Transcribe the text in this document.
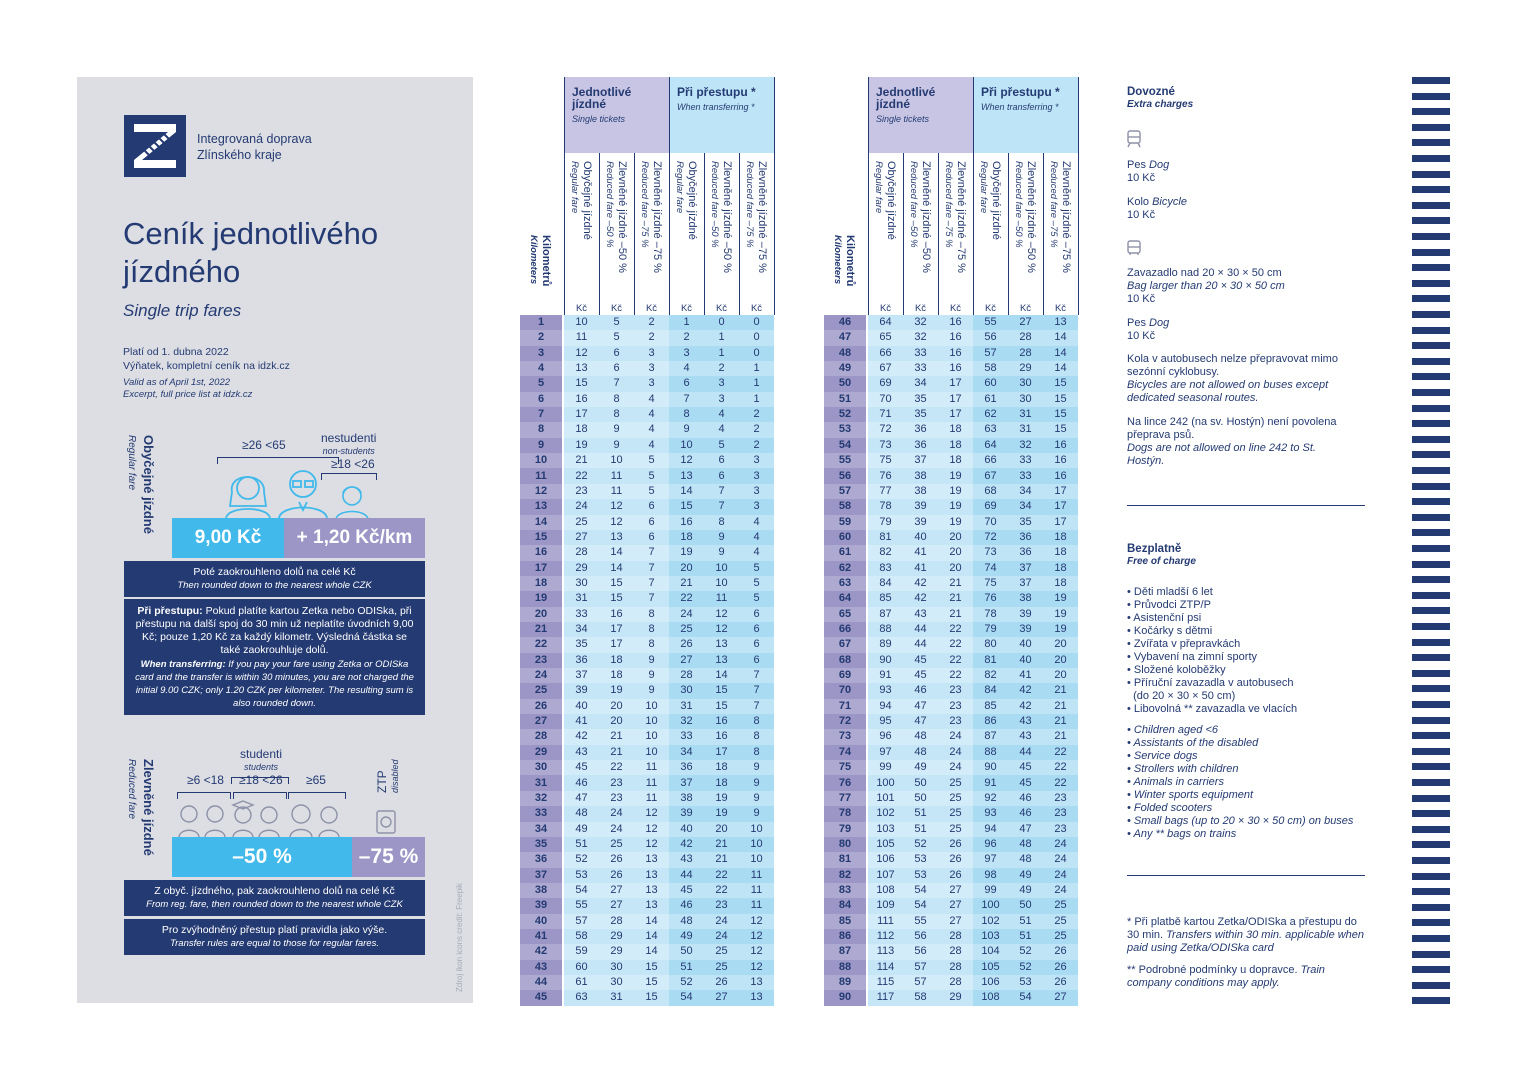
Integrovaná doprava
Zlínského kraje
Ceník jednotlivého
jízdného
Single trip fares
Platí od 1. dubna 2022
Výňatek, kompletní ceník na idzk.cz
Valid as of April 1st, 2022
Excerpt, full price list at idzk.cz
Obyčejné jízdné
Regular fare	≥26 <65	nestudenti
non-students
≥18 <26
9,00 Kč	+ 1,20 Kč/km
Poté zaokrouhleno dolů na celé Kč
Then rounded down to the nearest whole CZK
Při přestupu: Pokud platíte kartou Zetka nebo ODISka, při přestupu na další spoj do 30 min už neplatíte úvodních 9,00 Kč; pouze 1,20 Kč za každý kilometr. Výsledná částka se také zaokrouhluje dolů.
When transferring: If you pay your fare using Zetka or ODISka card and the transfer is within 30 minutes, you are not charged the initial 9.00 CZK; only 1.20 CZK per kilometer. The resulting sum is also rounded down.
Zlevněné jízdné
Reduced fare
studenti
students
≥6 <18 ≥18 <26 ≥65	ZTP disabled
–50 %	–75 %
Z obyč. jízdného, pak zaokrouhleno dolů na celé Kč
From reg. fare, then rounded down to the nearest whole CZK
Pro zvýhodněný přestup platí pravidla jako výše.
Transfer rules are equal to those for regular fares.	Zdroj ikon icons credit: Freepik
Jednotlivé jízdné
Single tickets
Při přestupu *
When transferring *
Kilometrů
Kilometers
Obyčejné jízdné
Regular fare
Kč
Zlevněné jízdné –50 %
Reduced fare –50 %
Kč
Zlevněné jízdné –75 %
Reduced fare –75 %
Kč
Obyčejné jízdné
Regular fare
Kč
Zlevněné jízdné –50 %
Reduced fare –50 %
Kč
Zlevněné jízdné –75 %
Reduced fare –75 %
Kč
1	10	5	2	1	0	0
2	11	5	2	2	1	0
3	12	6	3	3	1	0
4	13	6	3	4	2	1
5	15	7	3	6	3	1
6	16	8	4	7	3	1
7	17	8	4	8	4	2
8	18	9	4	9	4	2
9	19	9	4	10	5	2
10	21	10	5	12	6	3
11	22	11	5	13	6	3
12	23	11	5	14	7	3
13	24	12	6	15	7	3
14	25	12	6	16	8	4
15	27	13	6	18	9	4
16	28	14	7	19	9	4
17	29	14	7	20	10	5
18	30	15	7	21	10	5
19	31	15	7	22	11	5
20	33	16	8	24	12	6
21	34	17	8	25	12	6
22	35	17	8	26	13	6
23	36	18	9	27	13	6
24	37	18	9	28	14	7
25	39	19	9	30	15	7
26	40	20	10	31	15	7
27	41	20	10	32	16	8
28	42	21	10	33	16	8
29	43	21	10	34	17	8
30	45	22	11	36	18	9
31	46	23	11	37	18	9
32	47	23	11	38	19	9
33	48	24	12	39	19	9
34	49	24	12	40	20	10
35	51	25	12	42	21	10
36	52	26	13	43	21	10
37	53	26	13	44	22	11
38	54	27	13	45	22	11
39	55	27	13	46	23	11
40	57	28	14	48	24	12
41	58	29	14	49	24	12
42	59	29	14	50	25	12
43	60	30	15	51	25	12
44	61	30	15	52	26	13
45	63	31	15	54	27	13
Jednotlivé jízdné
Single tickets
Při přestupu *
When transferring *
Kilometrů
Kilometers
Obyčejné jízdné
Regular fare
Kč
Zlevněné jízdné –50 %
Reduced fare –50 %
Kč
Zlevněné jízdné –75 %
Reduced fare –75 %
Kč
Obyčejné jízdné
Regular fare
Kč
Zlevněné jízdné –50 %
Reduced fare –50 %
Kč
Zlevněné jízdné –75 %
Reduced fare –75 %
Kč
46	64	32	16	55	27	13
47	65	32	16	56	28	14
48	66	33	16	57	28	14
49	67	33	16	58	29	14
50	69	34	17	60	30	15
51	70	35	17	61	30	15
52	71	35	17	62	31	15
53	72	36	18	63	31	15
54	73	36	18	64	32	16
55	75	37	18	66	33	16
56	76	38	19	67	33	16
57	77	38	19	68	34	17
58	78	39	19	69	34	17
59	79	39	19	70	35	17
60	81	40	20	72	36	18
61	82	41	20	73	36	18
62	83	41	20	74	37	18
63	84	42	21	75	37	18
64	85	42	21	76	38	19
65	87	43	21	78	39	19
66	88	44	22	79	39	19
67	89	44	22	80	40	20
68	90	45	22	81	40	20
69	91	45	22	82	41	20
70	93	46	23	84	42	21
71	94	47	23	85	42	21
72	95	47	23	86	43	21
73	96	48	24	87	43	21
74	97	48	24	88	44	22
75	99	49	24	90	45	22
76	100	50	25	91	45	22
77	101	50	25	92	46	23
78	102	51	25	93	46	23
79	103	51	25	94	47	23
80	105	52	26	96	48	24
81	106	53	26	97	48	24
82	107	53	26	98	49	24
83	108	54	27	99	49	24
84	109	54	27	100	50	25
85	111	55	27	102	51	25
86	112	56	28	103	51	25
87	113	56	28	104	52	26
88	114	57	28	105	52	26
89	115	57	28	106	53	26
90	117	58	29	108	54	27
Dovozné
Extra charges
Pes Dog
10 Kč
Kolo Bicycle
10 Kč
Zavazadlo nad 20 × 30 × 50 cm
Bag larger than 20 × 30 × 50 cm
10 Kč
Pes Dog
10 Kč
Kola v autobusech nelze přepravovat mimo sezónní cyklobusy.
Bicycles are not allowed on buses except dedicated seasonal routes.
Na lince 242 (na sv. Hostýn) není povolena přeprava psů.
Dogs are not allowed on line 242 to St. Hostýn.
Bezplatně
Free of charge
• Děti mladší 6 let
• Průvodci ZTP/P
• Asistenční psi
• Kočárky s dětmi
• Zvířata v přepravkách
• Vybavení na zimní sporty
• Složené koloběžky
• Příruční zavazadla v autobusech
(do 20 × 30 × 50 cm)
• Libovolná ** zavazadla ve vlacích
• Children aged <6
• Assistants of the disabled
• Service dogs
• Strollers with children
• Animals in carriers
• Winter sports equipment
• Folded scooters
• Small bags (up to 20 × 30 × 50 cm) on buses
• Any ** bags on trains
* Při platbě kartou Zetka/ODISka a přestupu do 30 min. Transfers within 30 min. applicable when paid using Zetka/ODISka card
** Podrobné podmínky u dopravce. Train company conditions may apply.
